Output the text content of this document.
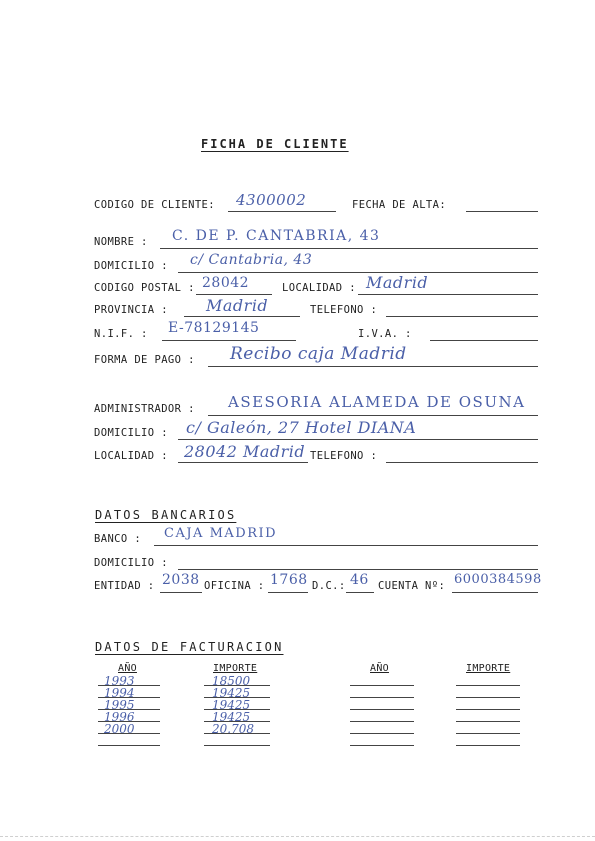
FICHA DE CLIENTE
CODIGO DE CLIENTE: 4300002	FECHA DE ALTA:
NOMBRE : C. DE P. CANTABRIA, 43
DOMICILIO : c/ Cantabria, 43
CODIGO POSTAL : 28042	LOCALIDAD : Madrid
PROVINCIA : Madrid	TELEFONO :
N.I.F. : E-78129145	I.V.A. :
FORMA DE PAGO : Recibo caja Madrid
ADMINISTRADOR : ASESORIA ALAMEDA DE OSUNA
DOMICILIO : c/ Galeón, 27 Hotel DIANA
LOCALIDAD : 28042 Madrid TELEFONO :
DATOS BANCARIOS
BANCO : CAJA MADRID
DOMICILIO :
ENTIDAD : 2038 OFICINA : 1768 D.C.: 46 CUENTA Nº: 6000384598
DATOS DE FACTURACION
AÑO	IMPORTE	AÑO	IMPORTE
1993	18500
1994	19425
1995	19425
1996	19425
2000	20.708
